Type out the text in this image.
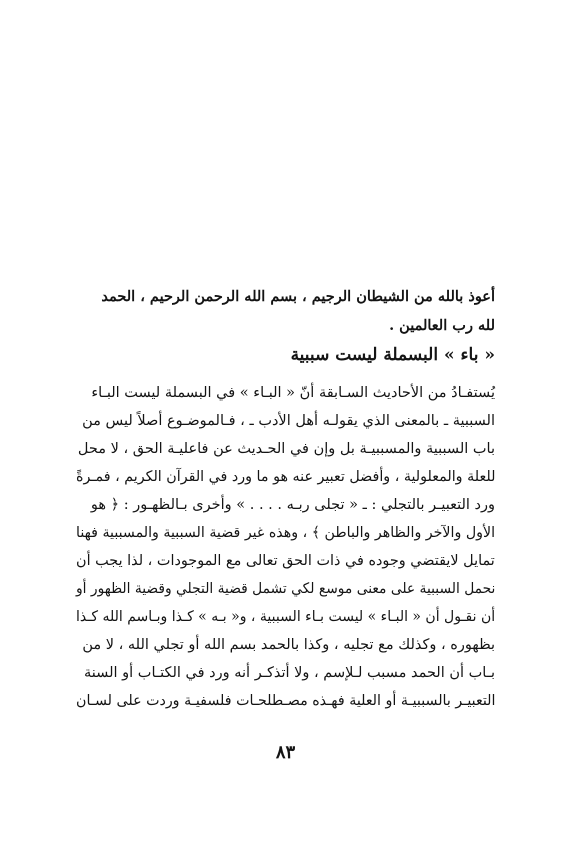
أعوذ بالله من الشيطان الرجيم ، بسم الله الرحمن الرحيم ، الحمد
لله رب العالمين .
« باء » البسملة ليست سببية
يُستفـادُ من الأحاديث السـابقة أنّ « البـاء » في البسملة ليست البـاء
السببية ـ بالمعنى الذي يقولـه أهل الأدب ـ ، فـالموضـوع أصلاً ليس من
باب السببية والمسببيـة بل وإن في الحـديث عن فاعليـة الحق ، لا محل
للعلة والمعلولية ، وأفضل تعبير عنه هو ما ورد في القرآن الكريم ، فمـرةً
ورد التعبيـر بالتجلي : ـ « تجلى ربـه . . . . » وأخرى بـالظهـور : ﴿ هو
الأول والآخر والظاهر والباطن ﴾ ، وهذه غير قضية السببية والمسببية فهنا
تمايل لايقتضي وجوده في ذات الحق تعالى مع الموجودات ، لذا يجب أن
نحمل السببية على معنى موسع لكي تشمل قضية التجلي وقضية الظهور أو
أن نقـول أن « البـاء » ليست بـاء السببية ، و« بـه » كـذا وبـاسم الله كـذا
بظهوره ، وكذلك مع تجليه ، وكذا بالحمد بسم الله أو تجلي الله ، لا من
بـاب أن الحمد مسبب لـلإسم ، ولا أتذكـر أنه ورد في الكتـاب أو السنة
التعبيـر بالسببيـة أو العلية فهـذه مصـطلحـات فلسفيـة وردت على لسـان
٨٣
